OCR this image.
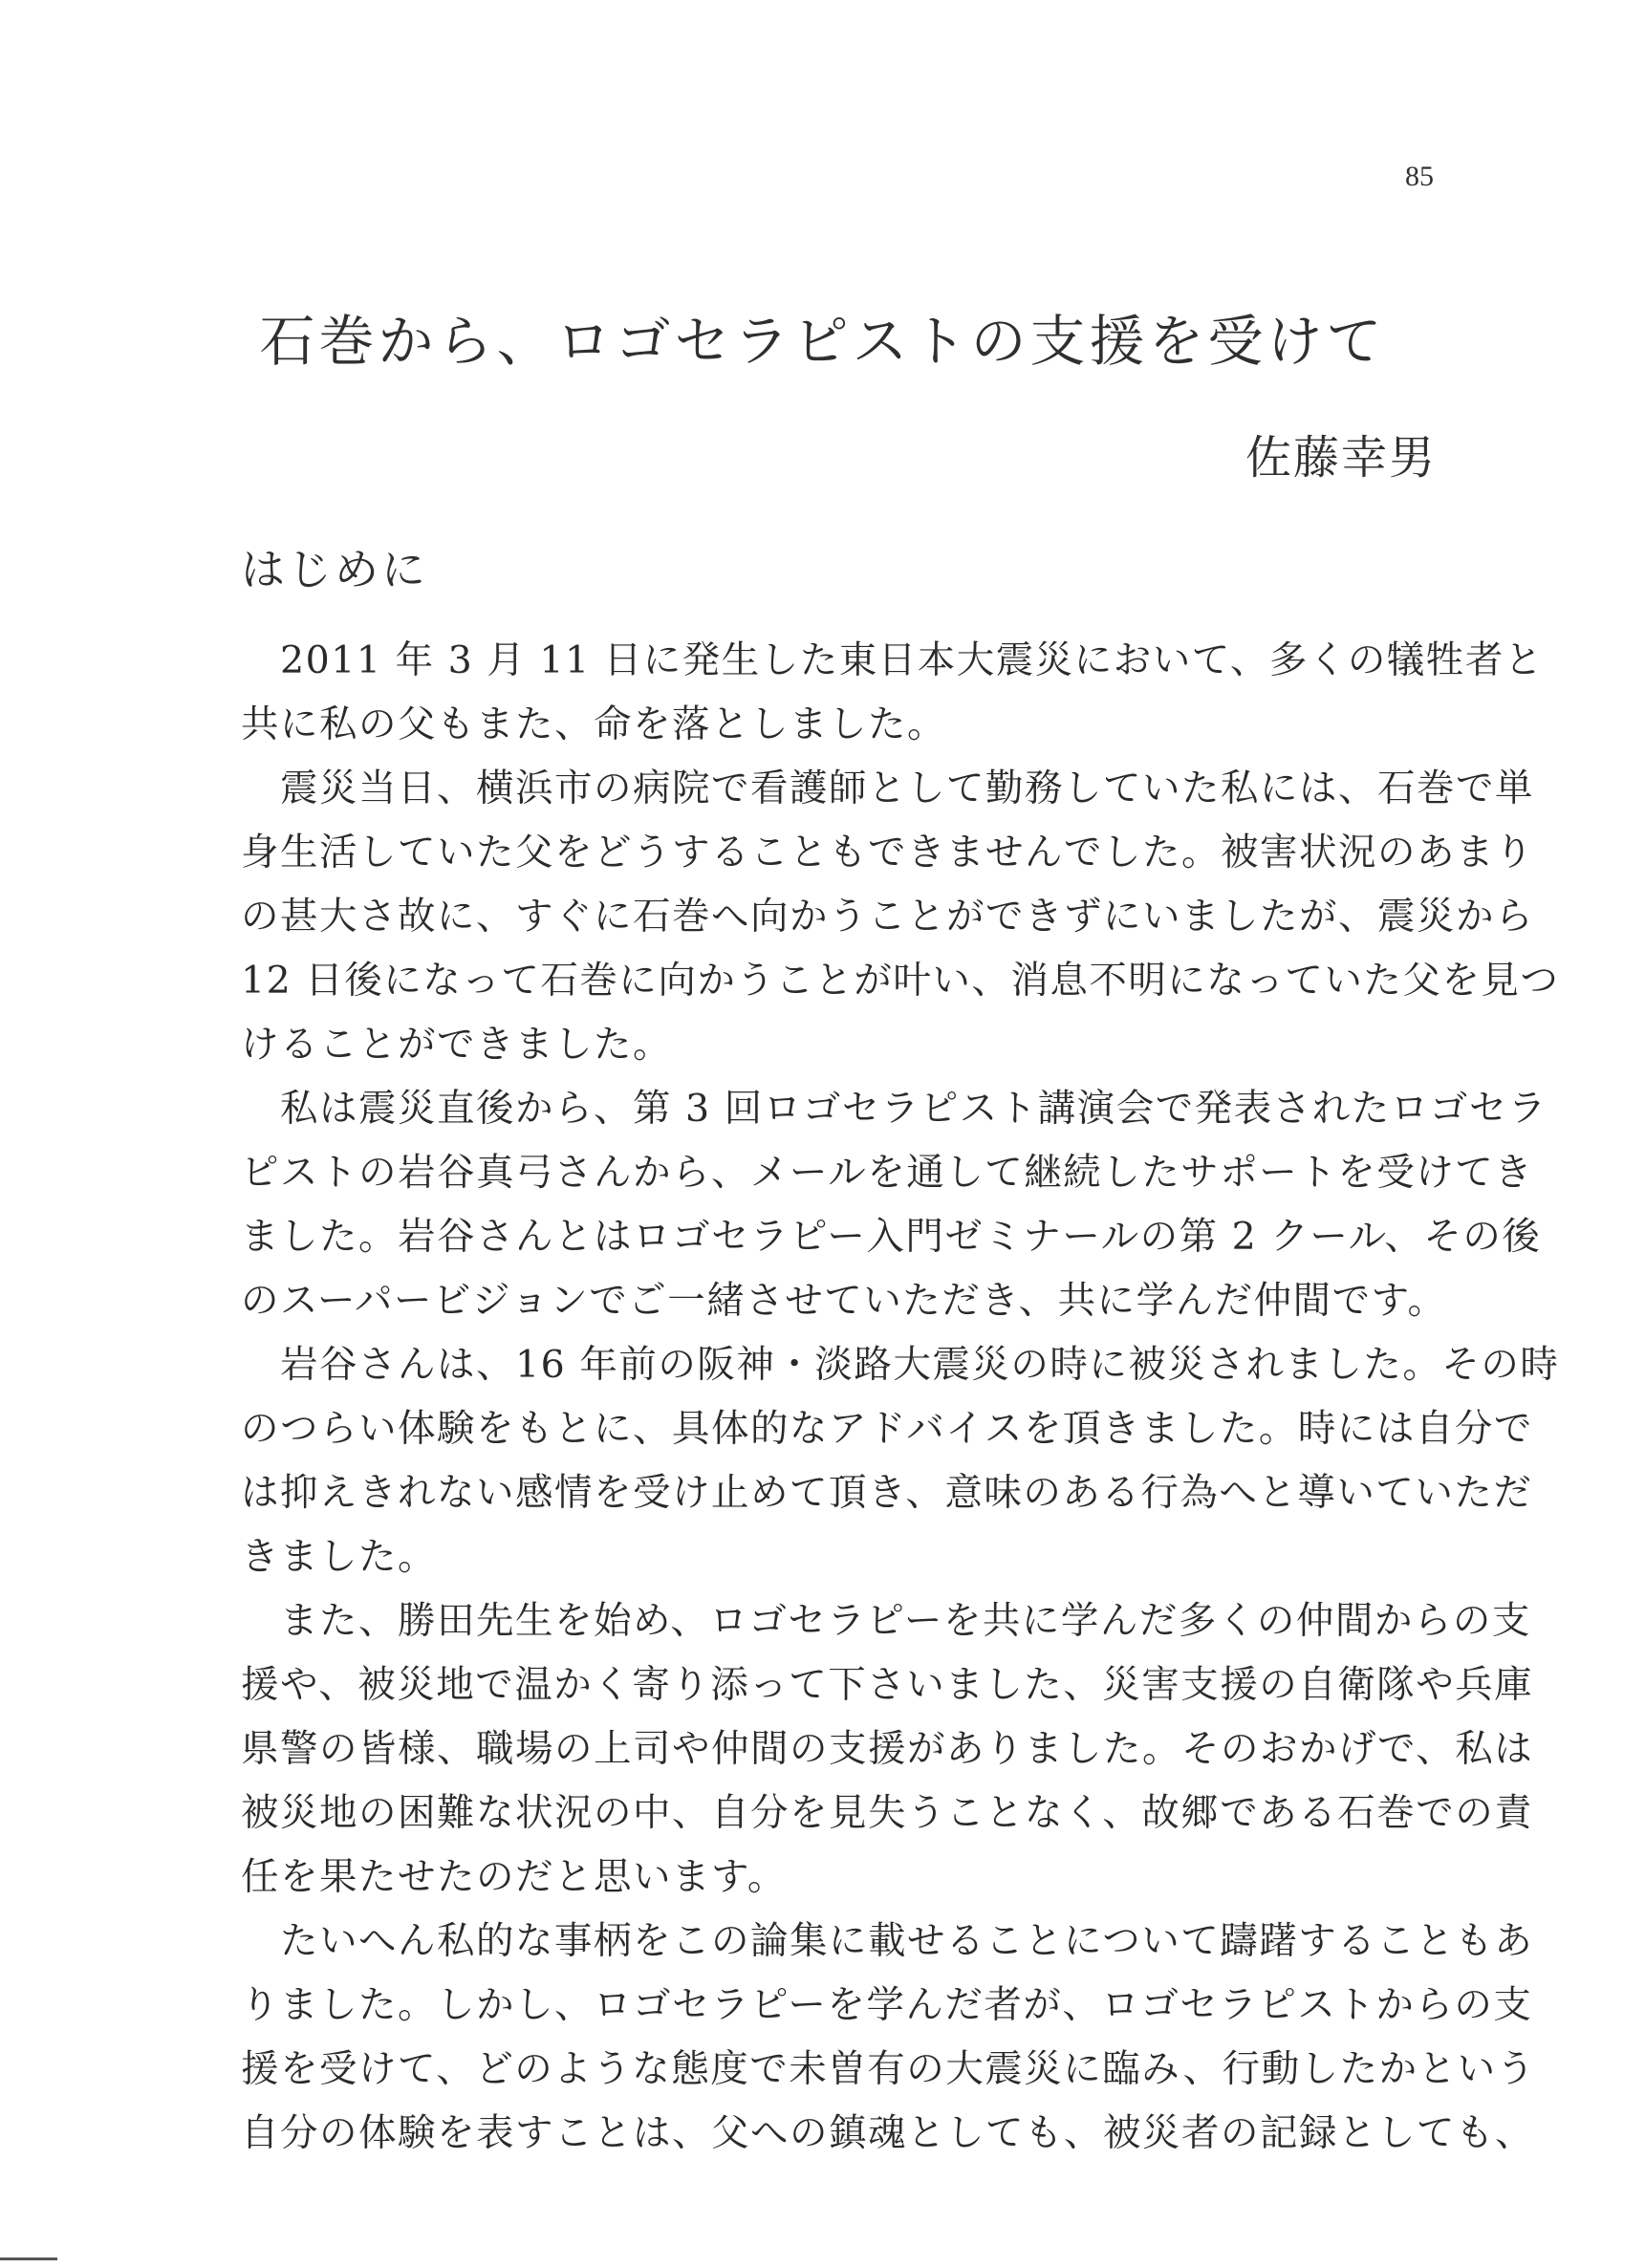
85
石巻から、ロゴセラピストの支援を受けて
佐藤幸男
はじめに
　2011 年 3 月 11 日に発生した東日本大震災において、多くの犠牲者と
共に私の父もまた、命を落としました。
　震災当日、横浜市の病院で看護師として勤務していた私には、石巻で単
身生活していた父をどうすることもできませんでした。被害状況のあまり
の甚大さ故に、すぐに石巻へ向かうことができずにいましたが、震災から
12 日後になって石巻に向かうことが叶い、消息不明になっていた父を見つ
けることができました。
　私は震災直後から、第 3 回ロゴセラピスト講演会で発表されたロゴセラ
ピストの岩谷真弓さんから、メールを通して継続したサポートを受けてき
ました。岩谷さんとはロゴセラピー入門ゼミナールの第 2 クール、その後
のスーパービジョンでご一緒させていただき、共に学んだ仲間です。
　岩谷さんは、16 年前の阪神・淡路大震災の時に被災されました。その時
のつらい体験をもとに、具体的なアドバイスを頂きました。時には自分で
は抑えきれない感情を受け止めて頂き、意味のある行為へと導いていただ
きました。
　また、勝田先生を始め、ロゴセラピーを共に学んだ多くの仲間からの支
援や、被災地で温かく寄り添って下さいました、災害支援の自衛隊や兵庫
県警の皆様、職場の上司や仲間の支援がありました。そのおかげで、私は
被災地の困難な状況の中、自分を見失うことなく、故郷である石巻での責
任を果たせたのだと思います。
　たいへん私的な事柄をこの論集に載せることについて躊躇することもあ
りました。しかし、ロゴセラピーを学んだ者が、ロゴセラピストからの支
援を受けて、どのような態度で未曽有の大震災に臨み、行動したかという
自分の体験を表すことは、父への鎮魂としても、被災者の記録としても、
